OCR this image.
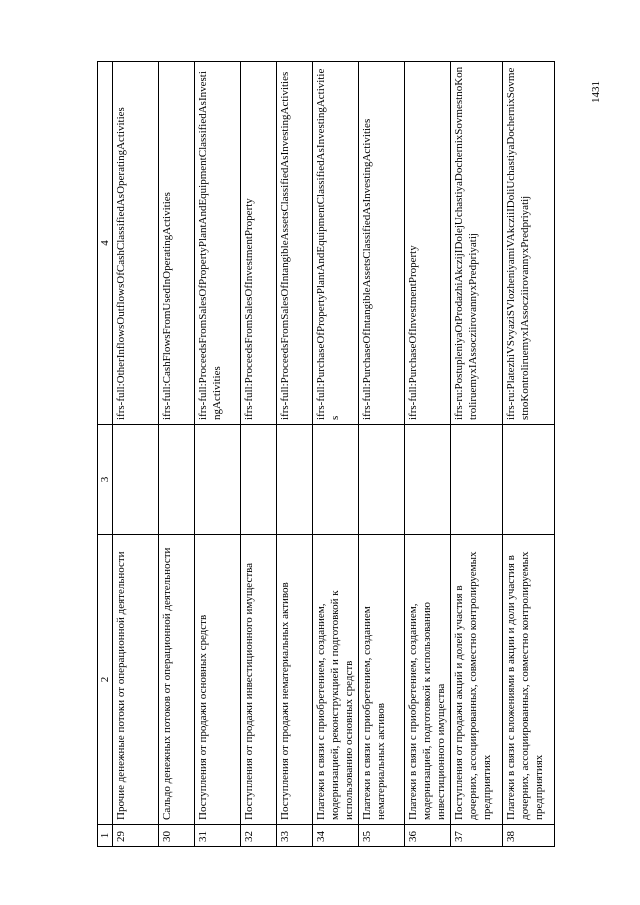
1431
1	2	3	4
29	Прочие денежные потоки от операционной деятельности		ifrs-full:OtherInflowsOutflowsOfCashClassifiedAsOperatingActivities
30	Сальдо денежных потоков от операционной деятельности		ifrs-full:CashFlowsFromUsedInOperatingActivities
31	Поступления от продажи основных средств		ifrs-full:ProceedsFromSalesOfPropertyPlantAndEquipmentClassifiedAsInvestingActivities
32	Поступления от продажи инвестиционного имущества		ifrs-full:ProceedsFromSalesOfInvestmentProperty
33	Поступления от продажи нематериальных активов		ifrs-full:ProceedsFromSalesOfIntangibleAssetsClassifiedAsInvestingActivities
34	Платежи в связи с приобретением, созданием, модернизацией, реконструкцией и подготовкой к использованию основных средств		ifrs-full:PurchaseOfPropertyPlantAndEquipmentClassifiedAsInvestingActivities
35	Платежи в связи с приобретением, созданием нематериальных активов		ifrs-full:PurchaseOfIntangibleAssetsClassifiedAsInvestingActivities
36	Платежи в связи с приобретением, созданием, модернизацией, подготовкой к использованию инвестиционного имущества		ifrs-full:PurchaseOfInvestmentProperty
37	Поступления от продажи акций и долей участия в дочерних, ассоциированных, совместно контролируемых предприятиях		ifrs-ru:PostupleniyaOtProdazhiAkczijIDolejUchastiyaDocherniхSovmestnoKontroliruemyxIAssocziirovannyxPredpriyatij
38	Платежи в связи с вложениями в акции и доли участия в дочерних, ассоциированных, совместно контролируемых предприятиях		ifrs-ru:PlatezhiVSvyaziSVlozheniyamiVAkcziiIDoliUchastiyaDocherniхSovmestnoKontroliruemyxIAssocziirovannyxPredpriyatij
